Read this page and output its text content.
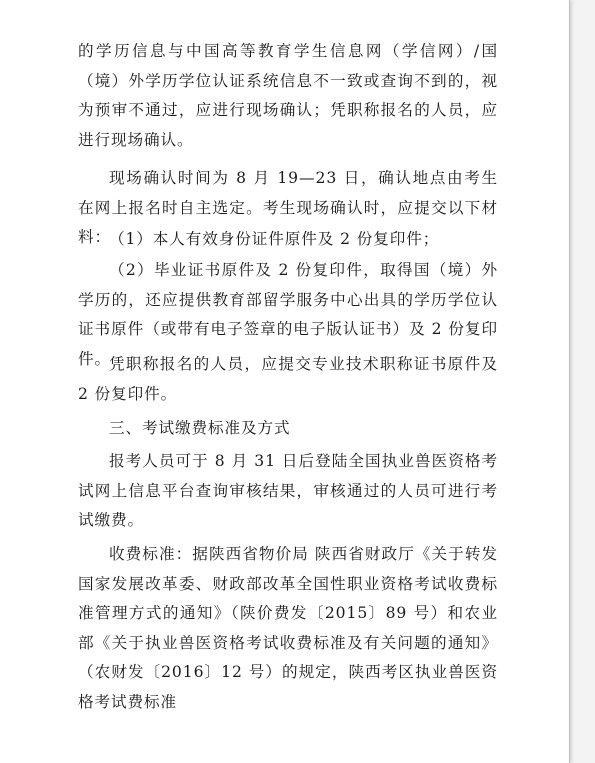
的学历信息与中国高等教育学生信息网（学信网）/国（境）外学历学位认证系统信息不一致或查询不到的，视为预审不通过，应进行现场确认；凭职称报名的人员，应进行现场确认。

现场确认时间为 8 月 19—23 日，确认地点由考生在网上报名时自主选定。考生现场确认时，应提交以下材料：

（1）本人有效身份证件原件及 2 份复印件；

（2）毕业证书原件及 2 份复印件，取得国（境）外学历的，还应提供教育部留学服务中心出具的学历学位认证书原件（或带有电子签章的电子版认证书）及 2 份复印件。

凭职称报名的人员，应提交专业技术职称证书原件及 2 份复印件。

三、考试缴费标准及方式

报考人员可于 8 月 31 日后登陆全国执业兽医资格考试网上信息平台查询审核结果，审核通过的人员可进行考试缴费。

收费标准：据陕西省物价局 陕西省财政厅《关于转发国家发展改革委、财政部改革全国性职业资格考试收费标准管理方式的通知》（陕价费发〔2015〕89 号）和农业部《关于执业兽医资格考试收费标准及有关问题的通知》（农财发〔2016〕12 号）的规定，陕西考区执业兽医资格考试费标准
